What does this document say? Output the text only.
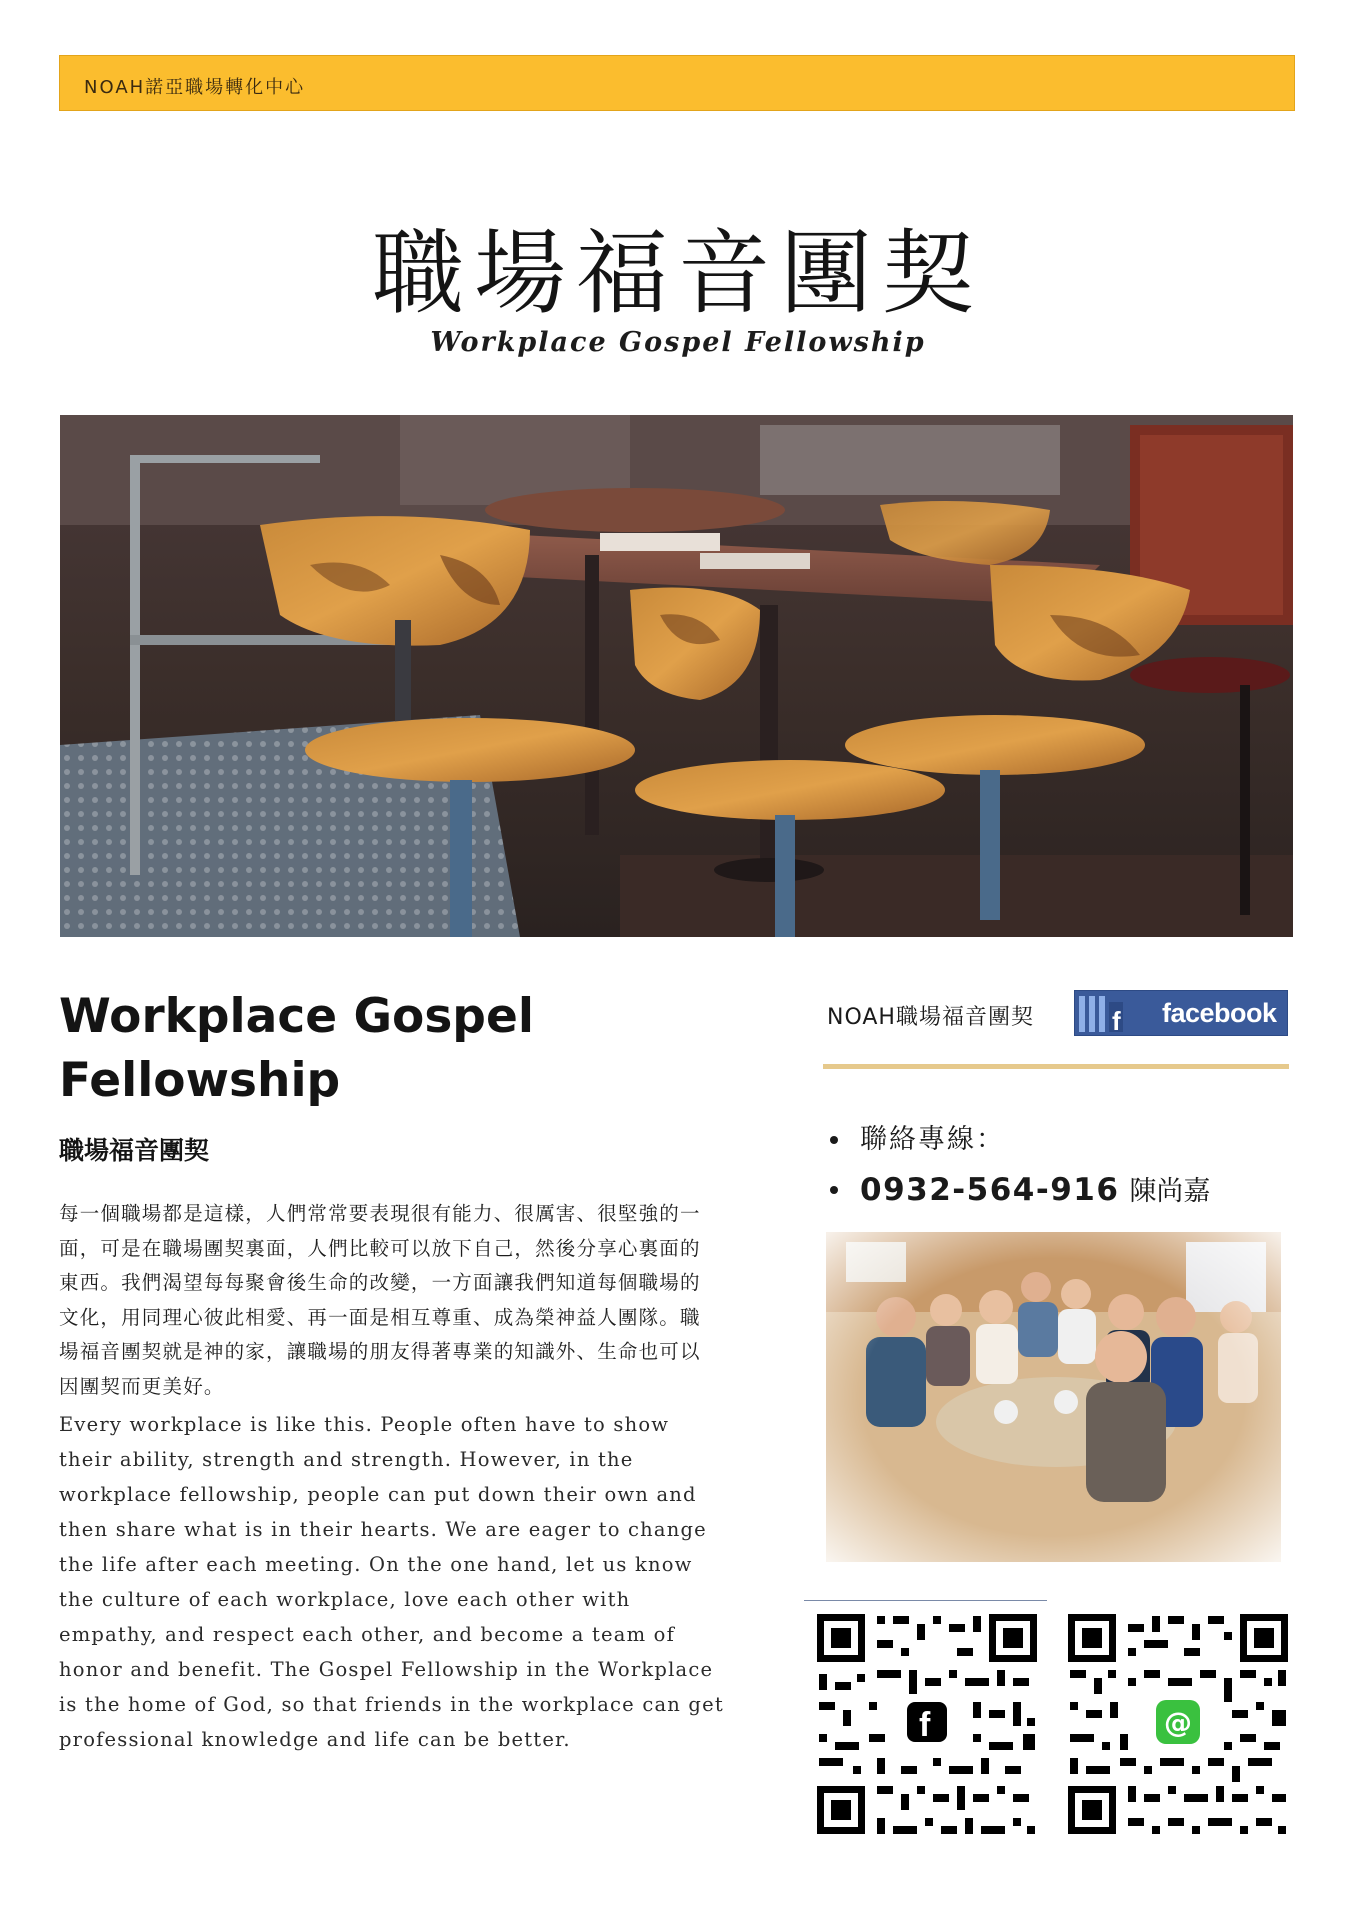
NOAH諾亞職場轉化中心
職場福音團契
Workplace Gospel Fellowship
Workplace Gospel
Fellowship
職場福音團契

每一個職場都是這樣，人們常常要表現很有能力、很厲害、很堅強的一面，可是在職場團契裏面，人們比較可以放下自己，然後分享心裏面的東西。我們渴望每每聚會後生命的改變，一方面讓我們知道每個職場的文化，用同理心彼此相愛、再一面是相互尊重、成為榮神益人團隊。職場福音團契就是神的家，讓職場的朋友得著專業的知識外、生命也可以因團契而更美好。

Every workplace is like this. People often have to show their ability, strength and strength. However, in the workplace fellowship, people can put down their own and then share what is in their hearts. We are eager to change the life after each meeting. On the one hand, let us know the culture of each workplace, love each other with empathy, and respect each other, and become a team of honor and benefit. The Gospel Fellowship in the Workplace is the home of God, so that friends in the workplace can get professional knowledge and life can be better.

NOAH職場福音團契	f facebook
聯絡專線：
0932-564-916 陳尚嘉
f	@
